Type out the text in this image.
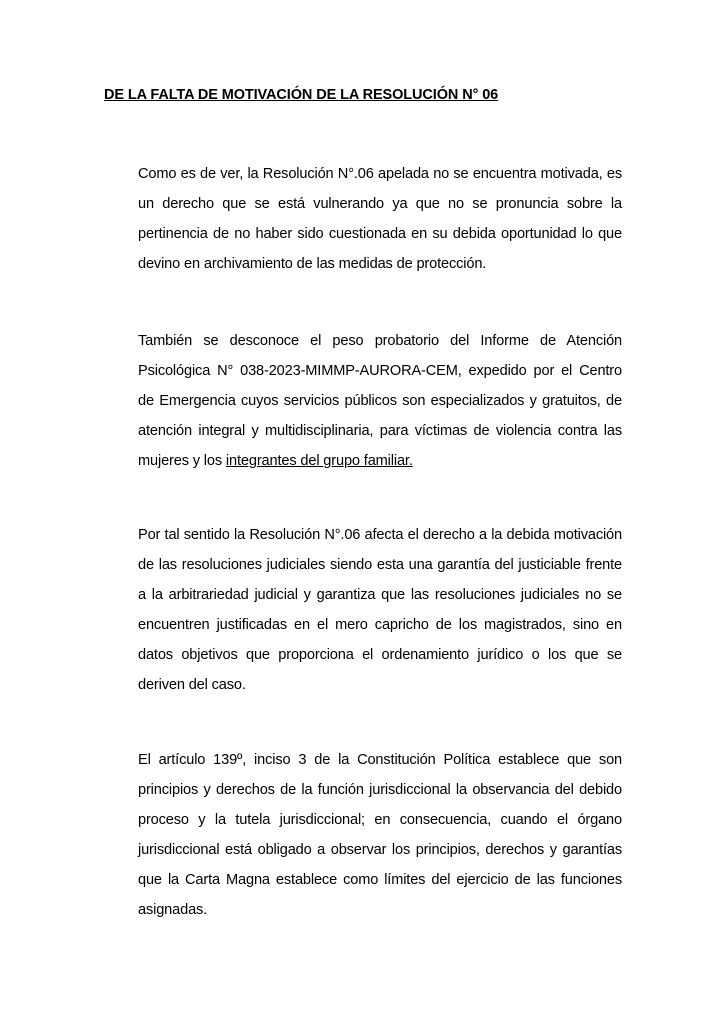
DE LA FALTA DE MOTIVACIÓN DE LA RESOLUCIÓN N° 06

Como es de ver, la Resolución N°.06 apelada no se encuentra motivada, es un derecho que se está vulnerando ya que no se pronuncia sobre la pertinencia de no haber sido cuestionada en su debida oportunidad lo que devino en archivamiento de las medidas de protección.

También se desconoce el peso probatorio del Informe de Atención Psicológica N° 038-2023-MIMMP-AURORA-CEM, expedido por el Centro de Emergencia cuyos servicios públicos son especializados y gratuitos, de atención integral y multidisciplinaria, para víctimas de violencia contra las mujeres y los integrantes del grupo familiar.

Por tal sentido la Resolución N°.06 afecta el derecho a la debida motivación de las resoluciones judiciales siendo esta una garantía del justiciable frente a la arbitrariedad judicial y garantiza que las resoluciones judiciales no se encuentren justificadas en el mero capricho de los magistrados, sino en datos objetivos que proporciona el ordenamiento jurídico o los que se deriven del caso.

El artículo 139º, inciso 3 de la Constitución Política establece que son principios y derechos de la función jurisdiccional la observancia del debido proceso y la tutela jurisdiccional; en consecuencia, cuando el órgano jurisdiccional está obligado a observar los principios, derechos y garantías que la Carta Magna establece como límites del ejercicio de las funciones asignadas.
